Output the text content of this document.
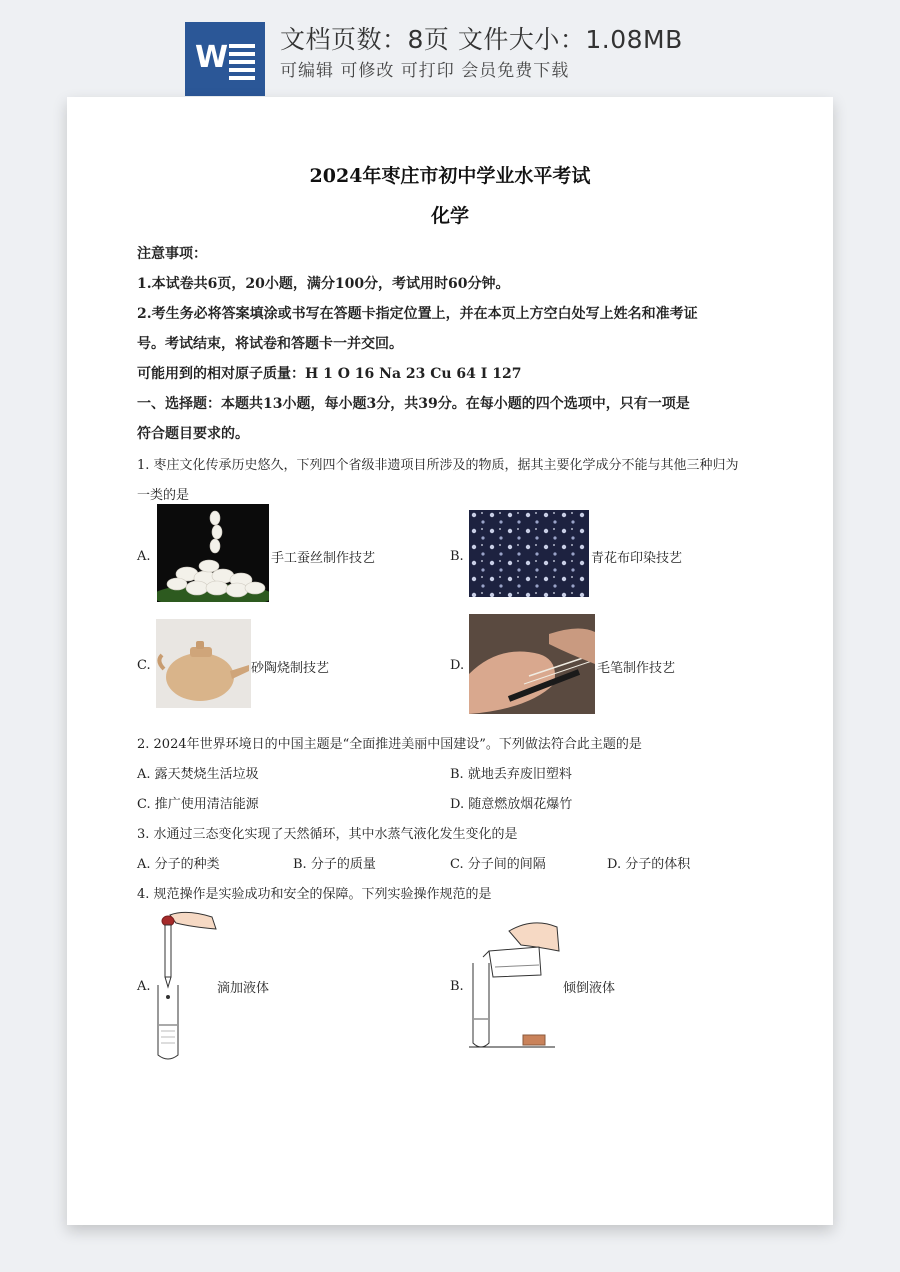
W
文档页数：8页 文件大小：1.08MB
可编辑 可修改 可打印 会员免费下载
2024年枣庄市初中学业水平考试
化学
注意事项：
1.本试卷共6页，20小题，满分100分，考试用时60分钟。
2.考生务必将答案填涂或书写在答题卡指定位置上，并在本页上方空白处写上姓名和准考证
号。考试结束，将试卷和答题卡一并交回。
可能用到的相对原子质量：H 1 O 16 Na 23 Cu 64 I 127
一、选择题：本题共13小题，每小题3分，共39分。在每小题的四个选项中，只有一项是
符合题目要求的。
1. 枣庄文化传承历史悠久，下列四个省级非遗项目所涉及的物质，据其主要化学成分不能与其他三种归为
一类的是
A.	手工蚕丝制作技艺	B.	青花布印染技艺
C.	砂陶烧制技艺	D.	毛笔制作技艺
2. 2024年世界环境日的中国主题是“全面推进美丽中国建设”。下列做法符合此主题的是
A. 露天焚烧生活垃圾	B. 就地丢弃废旧塑料
C. 推广使用清洁能源	D. 随意燃放烟花爆竹
3. 水通过三态变化实现了天然循环，其中水蒸气液化发生变化的是
A. 分子的种类	B. 分子的质量	C. 分子间的间隔	D. 分子的体积
4. 规范操作是实验成功和安全的保障。下列实验操作规范的是
A.	滴加液体	B.	倾倒液体
